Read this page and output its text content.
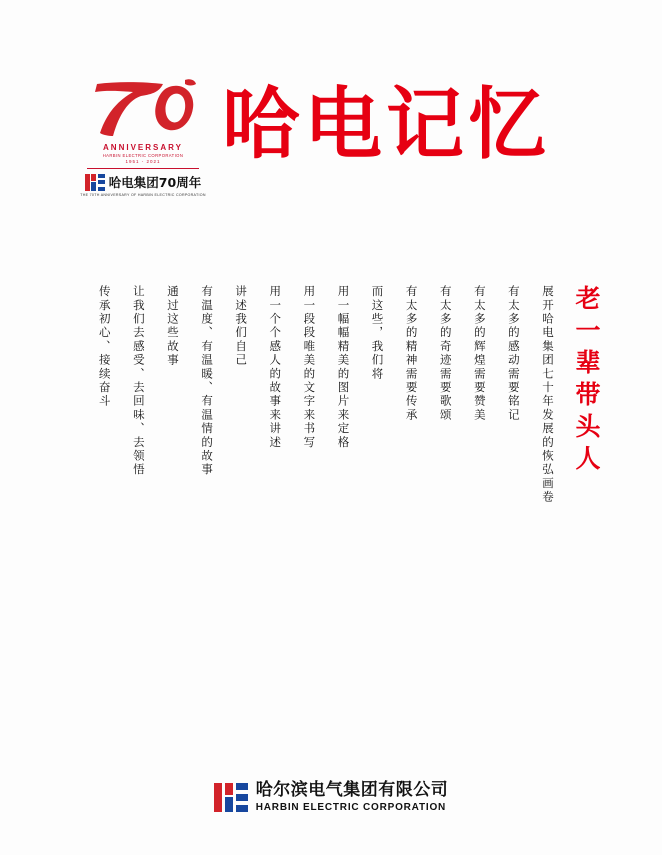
ANNIVERSARY
HARBIN ELECTRIC CORPORATION
1951 - 2021
哈电集团70周年
THE 70TH ANNIVERSARY OF HARBIN ELECTRIC CORPORATION
哈电记忆
传承初心、接续奋斗 让我们去感受、去回味、去领悟 通过这些故事 有温度、有温暖、有温情的故事 讲述我们自己 用一个个感人的故事来讲述 用一段段唯美的文字来书写 用一幅幅精美的图片来定格 而这些，我们将 有太多的精神需要传承 有太多的奇迹需要歌颂 有太多的辉煌需要赞美 有太多的感动需要铭记 展开哈电集团七十年发展的恢弘画卷 老一辈带头人
哈尔滨电气集团有限公司
HARBIN ELECTRIC CORPORATION
